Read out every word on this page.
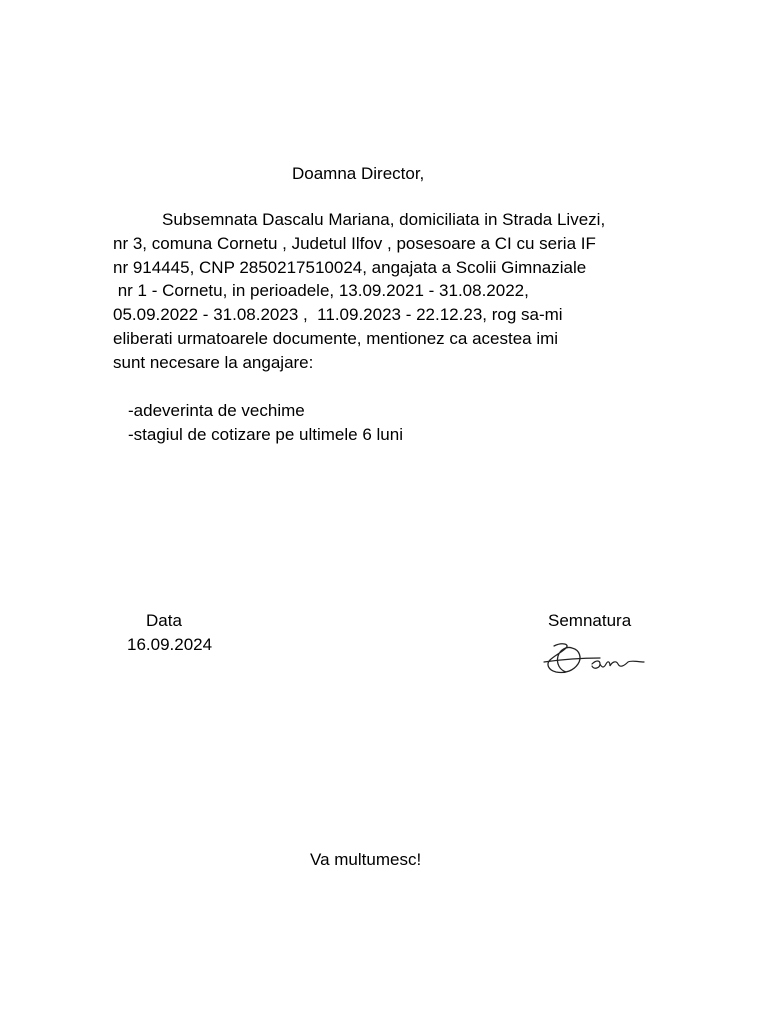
Doamna Director,
Subsemnata Dascalu Mariana, domiciliata in Strada Livezi,
nr 3, comuna Cornetu , Judetul Ilfov , posesoare a CI cu seria IF
nr 914445, CNP 2850217510024, angajata a Scolii Gimnaziale
nr 1 - Cornetu, in perioadele, 13.09.2021 - 31.08.2022,
05.09.2022 - 31.08.2023 ,  11.09.2023 - 22.12.23, rog sa-mi
eliberati urmatoarele documente, mentionez ca acestea imi
sunt necesare la angajare:
-adeverinta de vechime
-stagiul de cotizare pe ultimele 6 luni
Data
16.09.2024
Semnatura
Va multumesc!
